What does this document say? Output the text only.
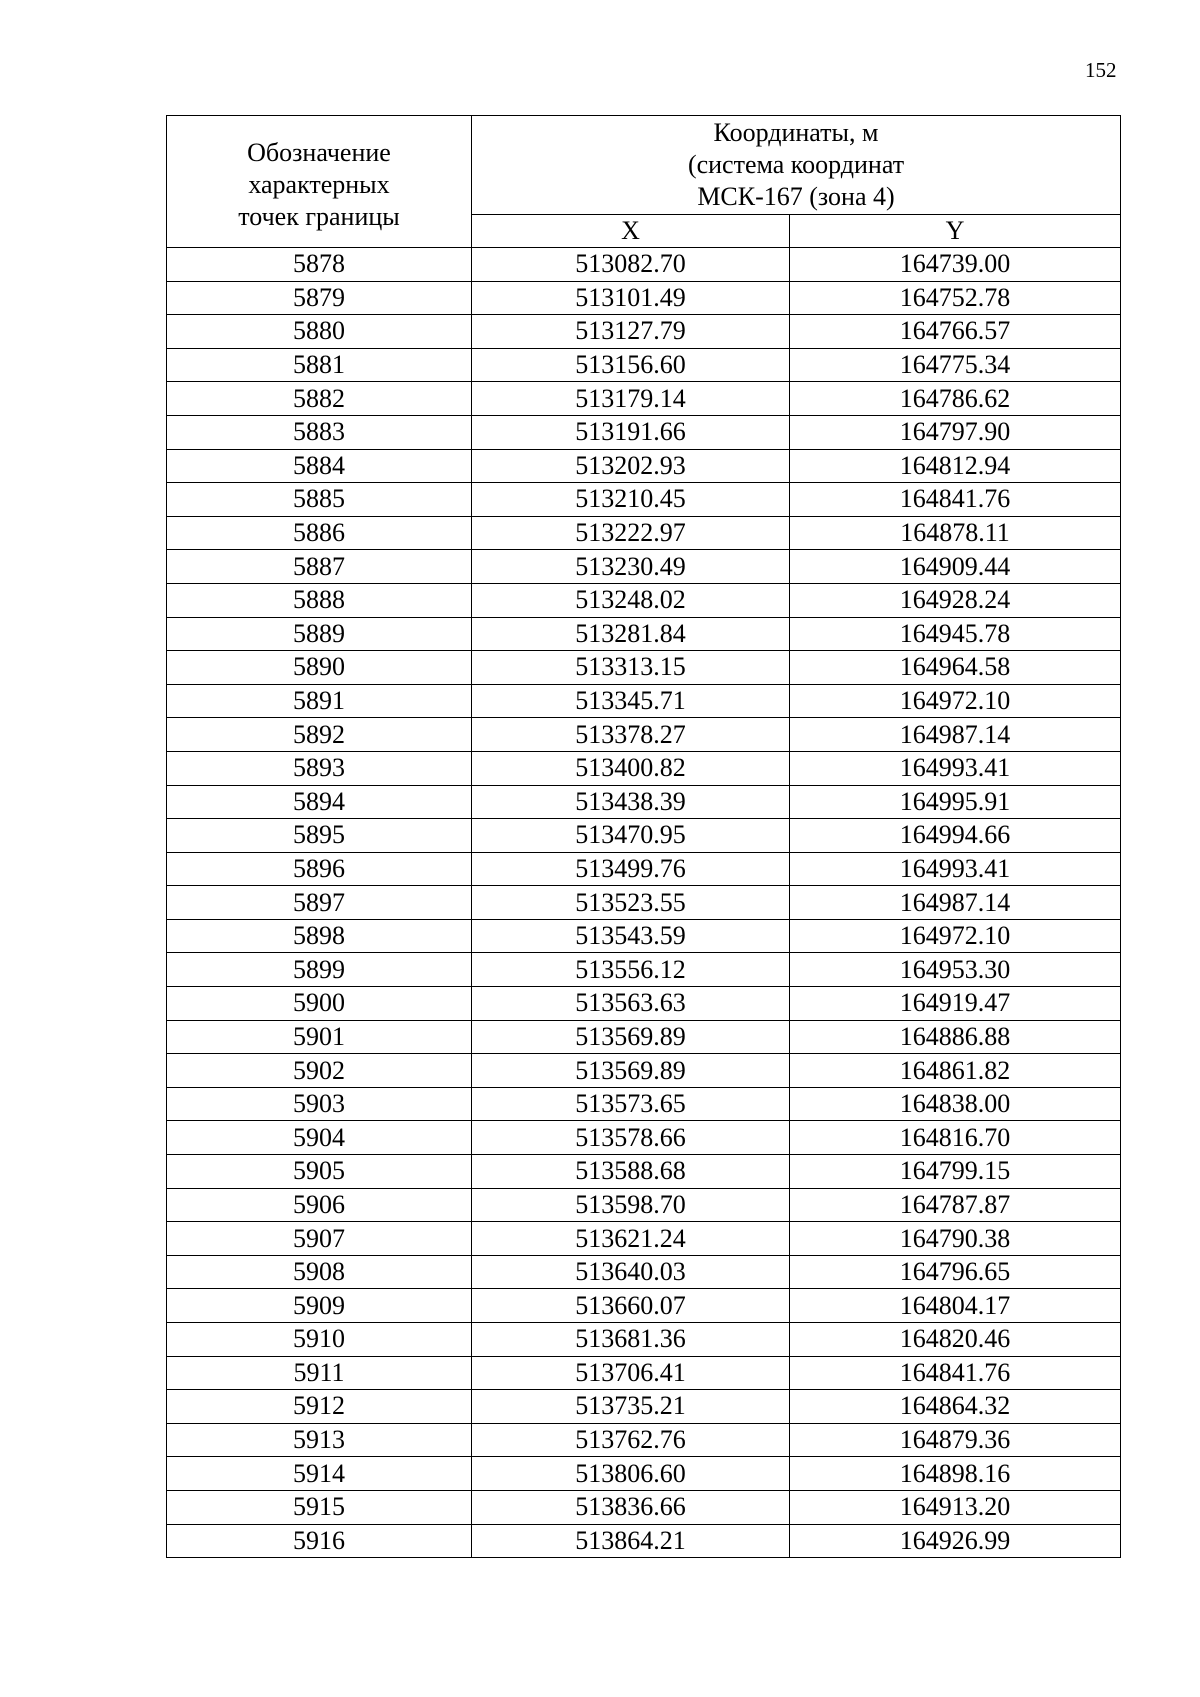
152
Обозначение
характерных
точек границы	Координаты, м
(система координат
МСК-167 (зона 4)	

	X	Y
5878	513082.70	164739.00
5879	513101.49	164752.78
5880	513127.79	164766.57
5881	513156.60	164775.34
5882	513179.14	164786.62
5883	513191.66	164797.90
5884	513202.93	164812.94
5885	513210.45	164841.76
5886	513222.97	164878.11
5887	513230.49	164909.44
5888	513248.02	164928.24
5889	513281.84	164945.78
5890	513313.15	164964.58
5891	513345.71	164972.10
5892	513378.27	164987.14
5893	513400.82	164993.41
5894	513438.39	164995.91
5895	513470.95	164994.66
5896	513499.76	164993.41
5897	513523.55	164987.14
5898	513543.59	164972.10
5899	513556.12	164953.30
5900	513563.63	164919.47
5901	513569.89	164886.88
5902	513569.89	164861.82
5903	513573.65	164838.00
5904	513578.66	164816.70
5905	513588.68	164799.15
5906	513598.70	164787.87
5907	513621.24	164790.38
5908	513640.03	164796.65
5909	513660.07	164804.17
5910	513681.36	164820.46
5911	513706.41	164841.76
5912	513735.21	164864.32
5913	513762.76	164879.36
5914	513806.60	164898.16
5915	513836.66	164913.20
5916	513864.21	164926.99
